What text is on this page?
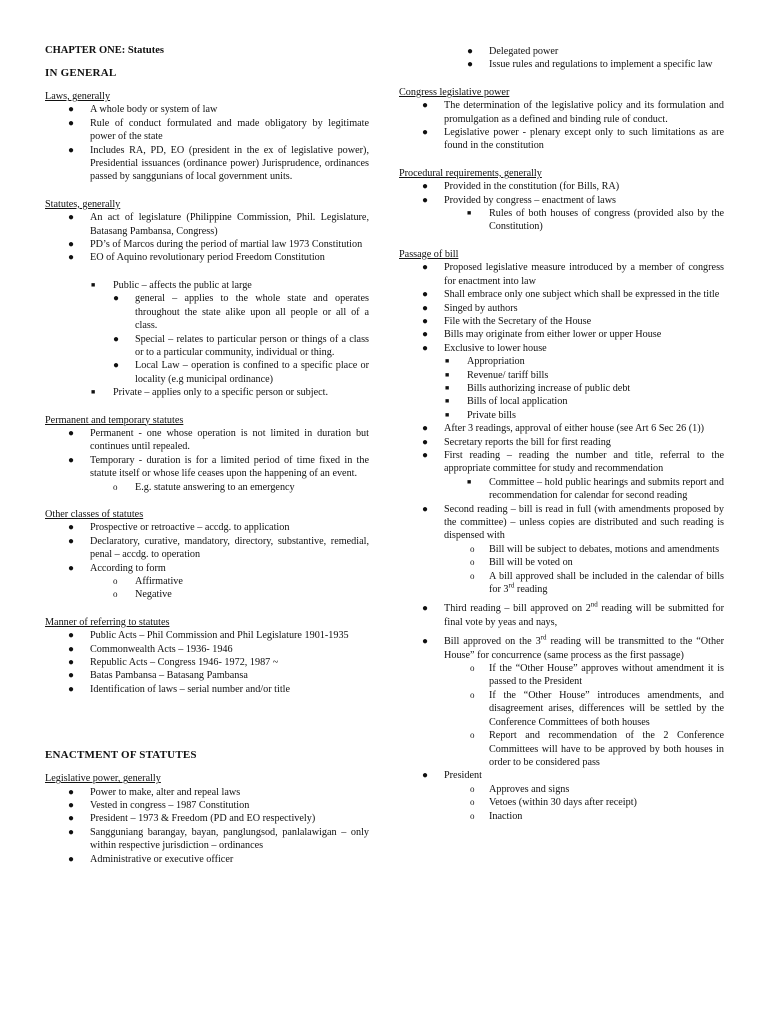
CHAPTER ONE: Statutes
IN GENERAL

Laws, generally

● A whole body or system of law
● Rule of conduct formulated and made obligatory by legitimate power of the state
● Includes RA, PD, EO (president in the ex of legislative power), Presidential issuances (ordinance power) Jurisprudence, ordinances passed by sanggunians of local government units.

Statutes, generally

● An act of legislature (Philippine Commission, Phil. Legislature, Batasang Pambansa, Congress)
● PD’s of Marcos during the period of martial law 1973 Constitution
● EO of Aquino revolutionary period Freedom Constitution
■ Public – affects the public at large
● general – applies to the whole state and operates throughout the state alike upon all people or all of a class.
● Special – relates to particular person or things of a class or to a particular community, individual or thing.
● Local Law – operation is confined to a specific place or locality (e.g municipal ordinance)
■ Private – applies only to a specific person or subject.

Permanent and temporary statutes

● Permanent - one whose operation is not limited in duration but continues until repealed.
● Temporary - duration is for a limited period of time fixed in the statute itself or whose life ceases upon the happening of an event.
o E.g. statute answering to an emergency

Other classes of statutes

● Prospective or retroactive – accdg. to application
● Declaratory, curative, mandatory, directory, substantive, remedial, penal – accdg. to operation
● According to form
o Affirmative
o Negative

Manner of referring to statutes

● Public Acts – Phil Commission and Phil Legislature 1901-1935
● Commonwealth Acts – 1936- 1946
● Republic Acts – Congress 1946- 1972, 1987 ~
● Batas Pambansa – Batasang Pambansa
● Identification of laws – serial number and/or title
ENACTMENT OF STATUTES

Legislative power, generally

● Power to make, alter and repeal laws
● Vested in congress – 1987 Constitution
● President – 1973 & Freedom (PD and EO respectively)
● Sangguniang barangay, bayan, panglungsod, panlalawigan – only within respective jurisdiction – ordinances
● Administrative or executive officer
● Delegated power
● Issue rules and regulations to implement a specific law

Congress legislative power

● The determination of the legislative policy and its formulation and promulgation as a defined and binding rule of conduct.
● Legislative power - plenary except only to such limitations as are found in the constitution

Procedural requirements, generally

● Provided in the constitution (for Bills, RA)
● Provided by congress – enactment of laws
■ Rules of both houses of congress (provided also by the Constitution)

Passage of bill

● Proposed legislative measure introduced by a member of congress for enactment into law
● Shall embrace only one subject which shall be expressed in the title
● Singed by authors
● File with the Secretary of the House
● Bills may originate from either lower or upper House
● Exclusive to lower house
■ Appropriation
■ Revenue/ tariff bills
■ Bills authorizing increase of public debt
■ Bills of local application
■ Private bills
● After 3 readings, approval of either house (see Art 6 Sec 26 (1))
● Secretary reports the bill for first reading
● First reading – reading the number and title, referral to the appropriate committee for study and recommendation
■ Committee – hold public hearings and submits report and recommendation for calendar for second reading
● Second reading – bill is read in full (with amendments proposed by the committee) – unless copies are distributed and such reading is dispensed with
o Bill will be subject to debates, motions and amendments
o Bill will be voted on
o A bill approved shall be included in the calendar of bills for 3rd reading
● Third reading – bill approved on 2nd reading will be submitted for final vote by yeas and nays,
● Bill approved on the 3rd reading will be transmitted to the “Other House” for concurrence (same process as the first passage)
o If the “Other House” approves without amendment it is passed to the President
o If the “Other House” introduces amendments, and disagreement arises, differences will be settled by the Conference Committees of both houses
o Report and recommendation of the 2 Conference Committees will have to be approved by both houses in order to be considered pass
● President
o Approves and signs
o Vetoes (within 30 days after receipt)
o Inaction
